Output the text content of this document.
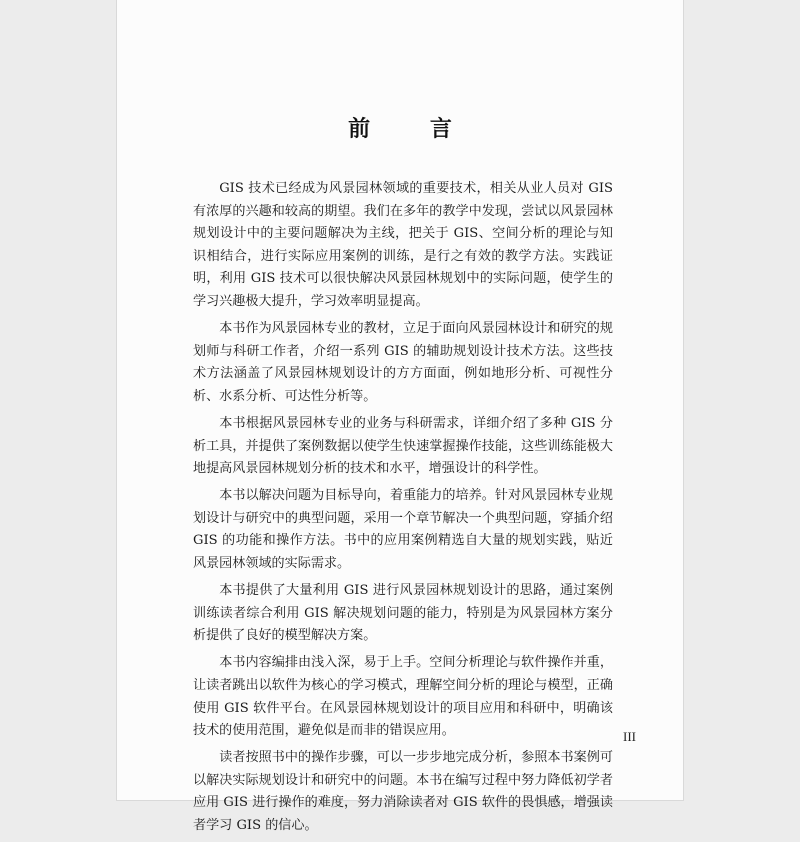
前 言

GIS 技术已经成为风景园林领域的重要技术，相关从业人员对 GIS 有浓厚的兴趣和较高的期望。我们在多年的教学中发现，尝试以风景园林规划设计中的主要问题解决为主线，把关于 GIS、空间分析的理论与知识相结合，进行实际应用案例的训练，是行之有效的教学方法。实践证明，利用 GIS 技术可以很快解决风景园林规划中的实际问题，使学生的学习兴趣极大提升，学习效率明显提高。

本书作为风景园林专业的教材，立足于面向风景园林设计和研究的规划师与科研工作者，介绍一系列 GIS 的辅助规划设计技术方法。这些技术方法涵盖了风景园林规划设计的方方面面，例如地形分析、可视性分析、水系分析、可达性分析等。

本书根据风景园林专业的业务与科研需求，详细介绍了多种 GIS 分析工具，并提供了案例数据以使学生快速掌握操作技能，这些训练能极大地提高风景园林规划分析的技术和水平，增强设计的科学性。

本书以解决问题为目标导向，着重能力的培养。针对风景园林专业规划设计与研究中的典型问题，采用一个章节解决一个典型问题，穿插介绍 GIS 的功能和操作方法。书中的应用案例精选自大量的规划实践，贴近风景园林领域的实际需求。

本书提供了大量利用 GIS 进行风景园林规划设计的思路，通过案例训练读者综合利用 GIS 解决规划问题的能力，特别是为风景园林方案分析提供了良好的模型解决方案。

本书内容编排由浅入深，易于上手。空间分析理论与软件操作并重，让读者跳出以软件为核心的学习模式，理解空间分析的理论与模型，正确使用 GIS 软件平台。在风景园林规划设计的项目应用和科研中，明确该技术的使用范围，避免似是而非的错误应用。

读者按照书中的操作步骤，可以一步步地完成分析，参照本书案例可以解决实际规划设计和研究中的问题。本书在编写过程中努力降低初学者应用 GIS 进行操作的难度，努力消除读者对 GIS 软件的畏惧感，增强读者学习 GIS 的信心。

III
